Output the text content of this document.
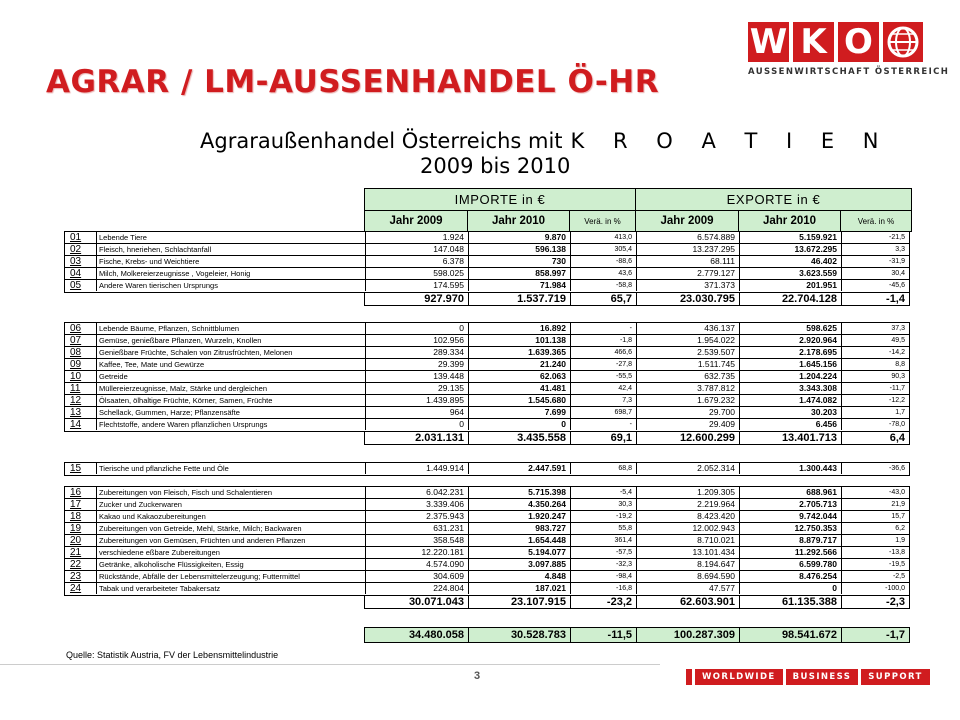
AGRAR / LM-AUSSENHANDEL Ö-HR
W K O
AUSSENWIRTSCHAFT ÖSTERREICH
Agraraußenhandel Österreichs mit K R O A T I E N
2009 bis 2010
IMPORTE in €	EXPORTE in €
Jahr 2009	Jahr 2010	Verä. in %	Jahr 2009	Jahr 2010	Verä. in %
01	Lebende Tiere	1.924	9.870	413,0	6.574.889	5.159.921	-21,5
02	Fleisch, hneriehen, Schlachtanfall	147.048	596.138	305,4	13.237.295	13.672.295	3,3
03	Fische, Krebs- und Weichtiere	6.378	730	-88,6	68.111	46.402	-31,9
04	Milch, Molkereierzeugnisse , Vogeleier, Honig	598.025	858.997	43,6	2.779.127	3.623.559	30,4
05	Andere Waren tierischen Ursprungs	174.595	71.984	-58,8	371.373	201.951	-45,6
927.970	1.537.719	65,7	23.030.795	22.704.128	-1,4
06	Lebende Bäume, Pflanzen, Schnittblumen	0	16.892	-	436.137	598.625	37,3
07	Gemüse, genießbare Pflanzen, Wurzeln, Knollen	102.956	101.138	-1,8	1.954.022	2.920.964	49,5
08	Genießbare Früchte, Schalen von Zitrusfrüchten, Melonen	289.334	1.639.365	466,6	2.539.507	2.178.695	-14,2
09	Kaffee, Tee, Mate und Gewürze	29.399	21.240	-27,8	1.511.745	1.645.156	8,8
10	Getreide	139.448	62.063	-55,5	632.735	1.204.224	90,3
11	Müllereierzeugnisse, Malz, Stärke und dergleichen	29.135	41.481	42,4	3.787.812	3.343.308	-11,7
12	Ölsaaten, ölhaltige Früchte, Körner, Samen, Früchte	1.439.895	1.545.680	7,3	1.679.232	1.474.082	-12,2
13	Schellack, Gummen, Harze; Pflanzensäfte	964	7.699	698,7	29.700	30.203	1,7
14	Flechtstoffe, andere Waren pflanzlichen Ursprungs	0	0	-	29.409	6.456	-78,0
2.031.131	3.435.558	69,1	12.600.299	13.401.713	6,4
15	Tierische und pflanzliche Fette und Öle	1.449.914	2.447.591	68,8	2.052.314	1.300.443	-36,6
16	Zubereitungen von Fleisch, Fisch und Schalentieren	6.042.231	5.715.398	-5,4	1.209.305	688.961	-43,0
17	Zucker und Zuckerwaren	3.339.406	4.350.264	30,3	2.219.964	2.705.713	21,9
18	Kakao und Kakaozubereitungen	2.375.943	1.920.247	-19,2	8.423.420	9.742.044	15,7
19	Zubereitungen von Getreide, Mehl, Stärke, Milch; Backwaren	631.231	983.727	55,8	12.002.943	12.750.353	6,2
20	Zubereitungen von Gemüsen, Früchten und anderen Pflanzen	358.548	1.654.448	361,4	8.710.021	8.879.717	1,9
21	verschiedene eßbare Zubereitungen	12.220.181	5.194.077	-57,5	13.101.434	11.292.566	-13,8
22	Getränke, alkoholische Flüssigkeiten, Essig	4.574.090	3.097.885	-32,3	8.194.647	6.599.780	-19,5
23	Rückstände, Abfälle der Lebensmittelerzeugung; Futtermittel	304.609	4.848	-98,4	8.694.590	8.476.254	-2,5
24	Tabak und verarbeiteter Tabakersatz	224.804	187.021	-16,8	47.577	0	-100,0
30.071.043	23.107.915	-23,2	62.603.901	61.135.388	-2,3
34.480.058	30.528.783	-11,5	100.287.309	98.541.672	-1,7
Quelle: Statistik Austria, FV der Lebensmittelindustrie
3	WORLDWIDE	BUSINESS	SUPPORT
